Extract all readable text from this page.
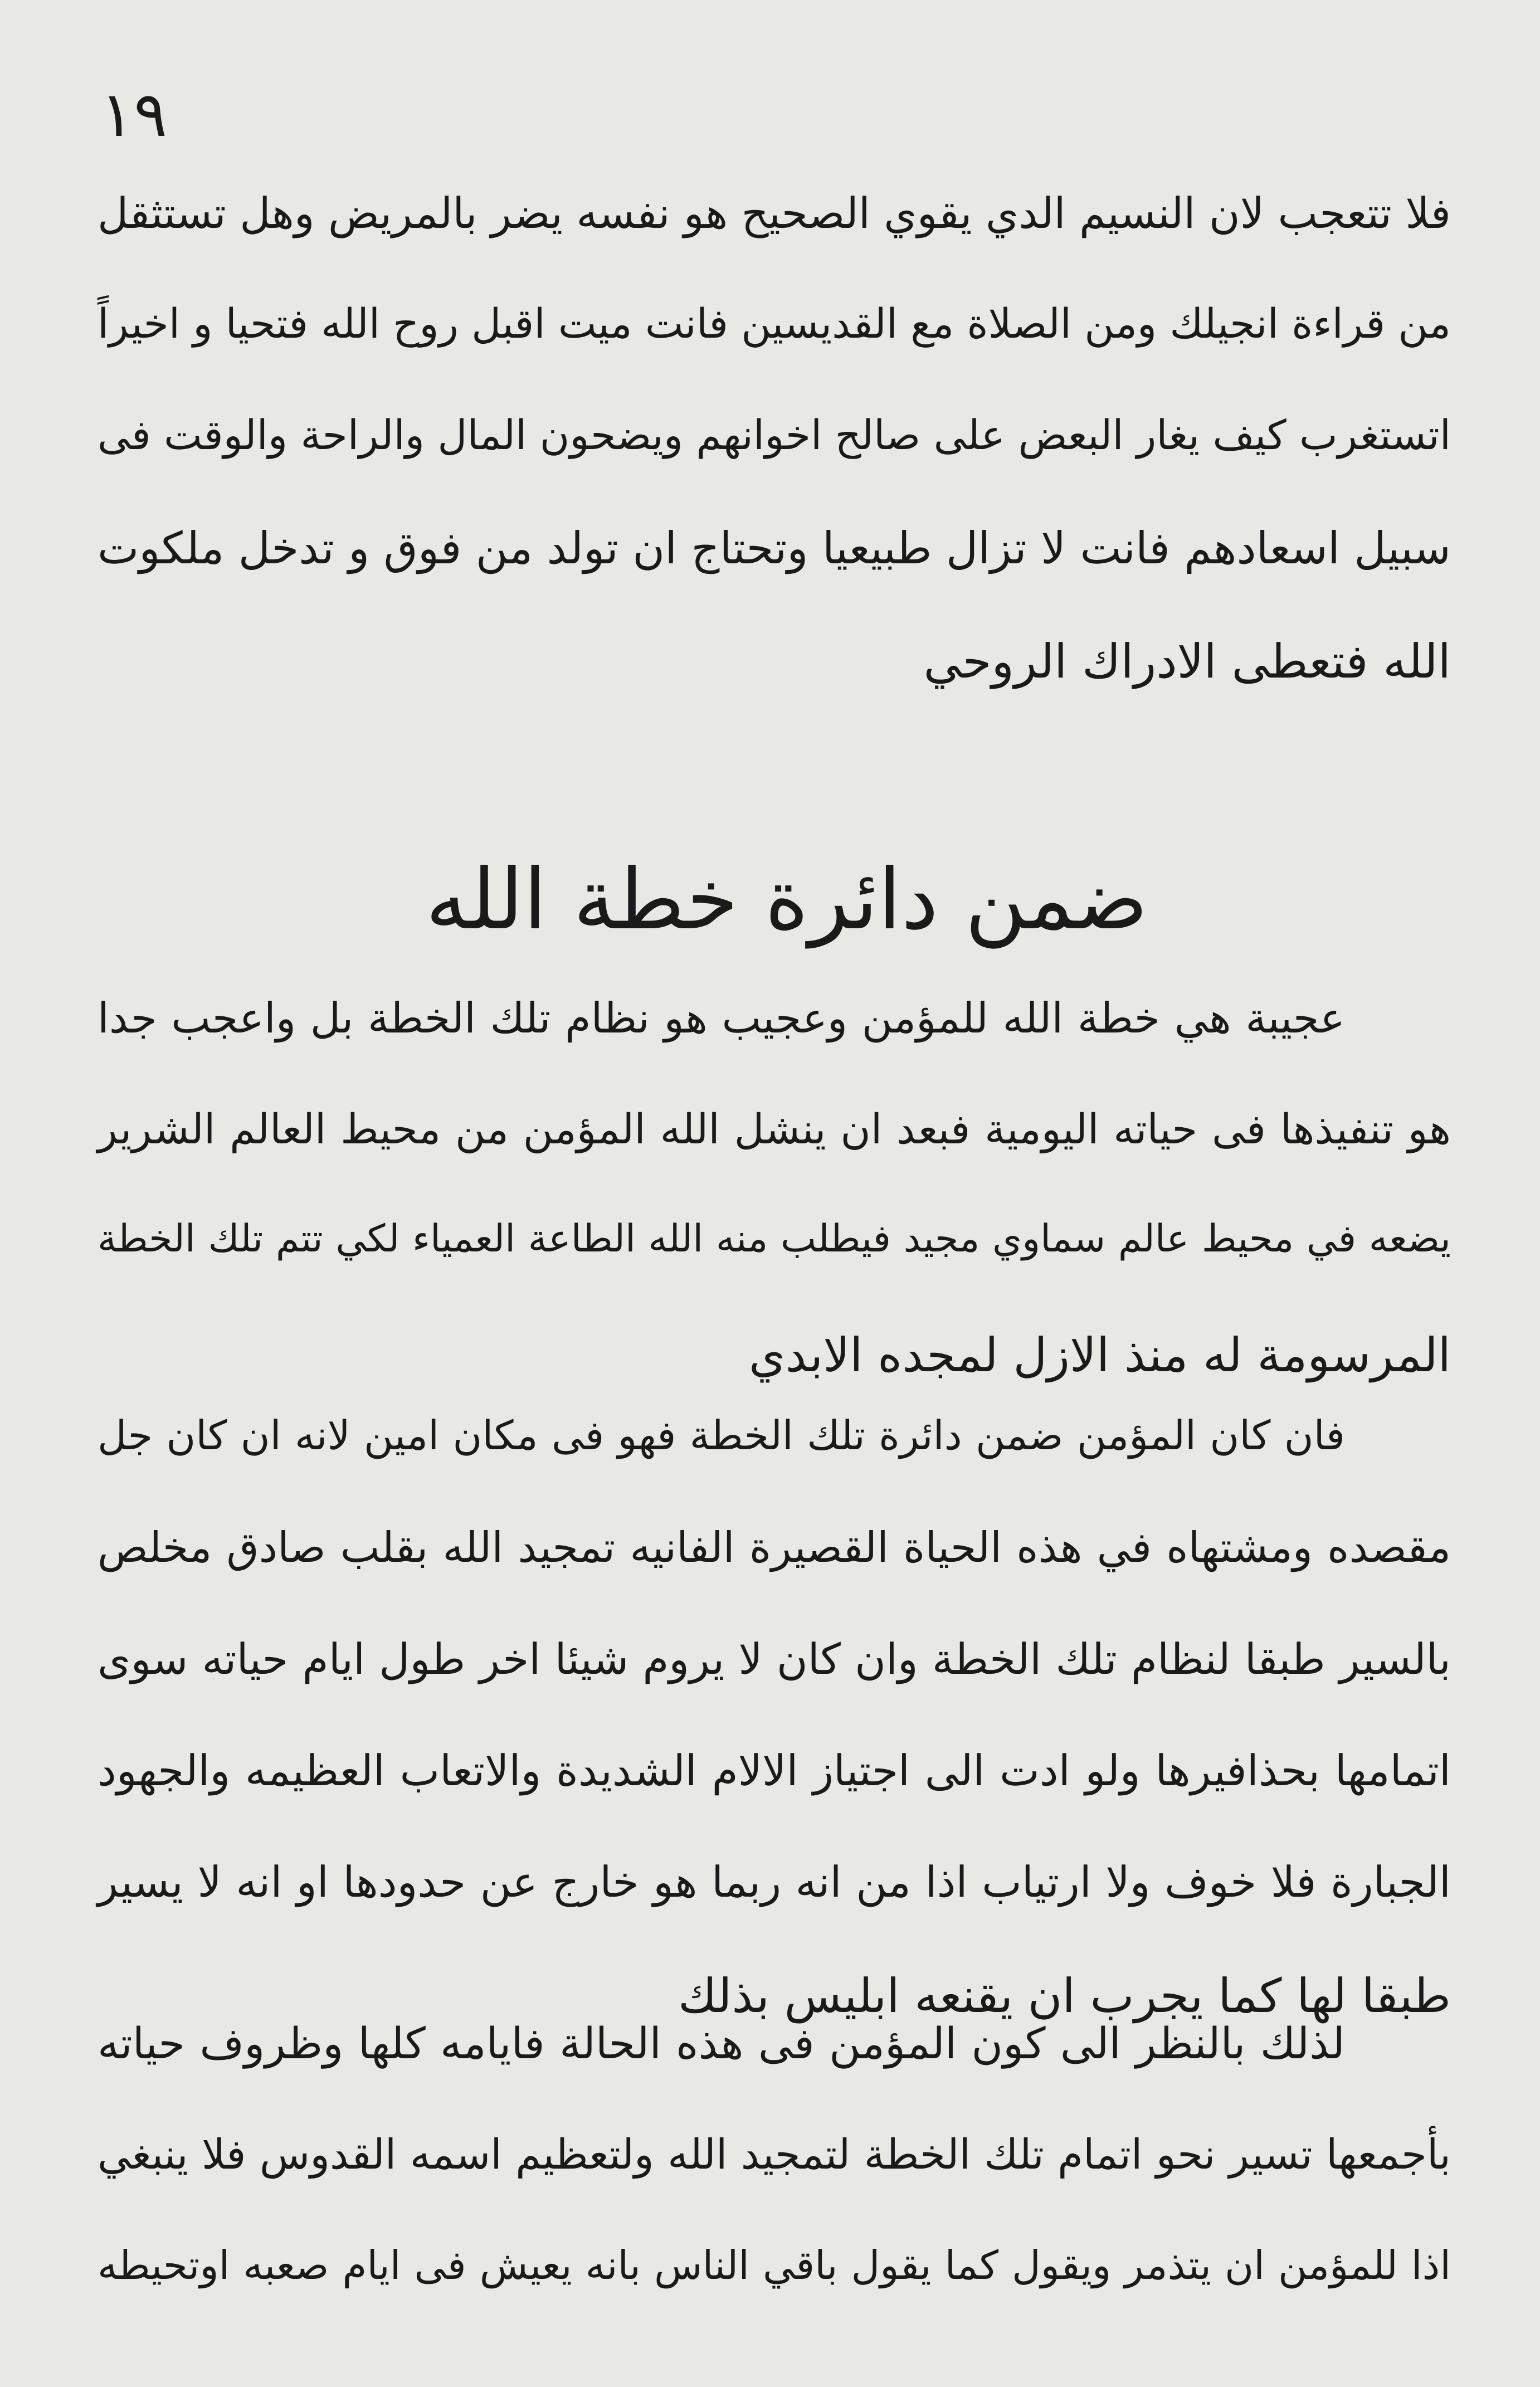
١٩
فلا تتعجب لان النسيم الدي يقوي الصحيح هو نفسه يضر بالمريض وهل تستثقل
من قراءة انجيلك ومن الصلاة مع القديسين فانت ميت اقبل روح الله فتحيا و اخيراً
اتستغرب كيف يغار البعض على صالح اخوانهم ويضحون المال والراحة والوقت فى
سبيل اسعادهم فانت لا تزال طبيعيا وتحتاج ان تولد من فوق و تدخل ملكوت
الله فتعطى الادراك الروحي
ضمن دائرة خطة الله
عجيبة هي خطة الله للمؤمن وعجيب هو نظام تلك الخطة بل واعجب جدا
هو تنفيذها فى حياته اليومية فبعد ان ينشل الله المؤمن من محيط العالم الشرير
يضعه في محيط عالم سماوي مجيد فيطلب منه الله الطاعة العمياء لكي تتم تلك الخطة
المرسومة له منذ الازل لمجده الابدي
فان كان المؤمن ضمن دائرة تلك الخطة فهو فى مكان امين لانه ان كان جل
مقصده ومشتهاه في هذه الحياة القصيرة الفانيه تمجيد الله بقلب صادق مخلص
بالسير طبقا لنظام تلك الخطة وان كان لا يروم شيئا اخر طول ايام حياته سوى
اتمامها بحذافيرها ولو ادت الى اجتياز الالام الشديدة والاتعاب العظيمه والجهود
الجبارة فلا خوف ولا ارتياب اذا من انه ربما هو خارج عن حدودها او انه لا يسير
طبقا لها كما يجرب ان يقنعه ابليس بذلك
لذلك بالنظر الى كون المؤمن فى هذه الحالة فايامه كلها وظروف حياته
بأجمعها تسير نحو اتمام تلك الخطة لتمجيد الله ولتعظيم اسمه القدوس فلا ينبغي
اذا للمؤمن ان يتذمر ويقول كما يقول باقي الناس بانه يعيش فى ايام صعبه اوتحيطه
